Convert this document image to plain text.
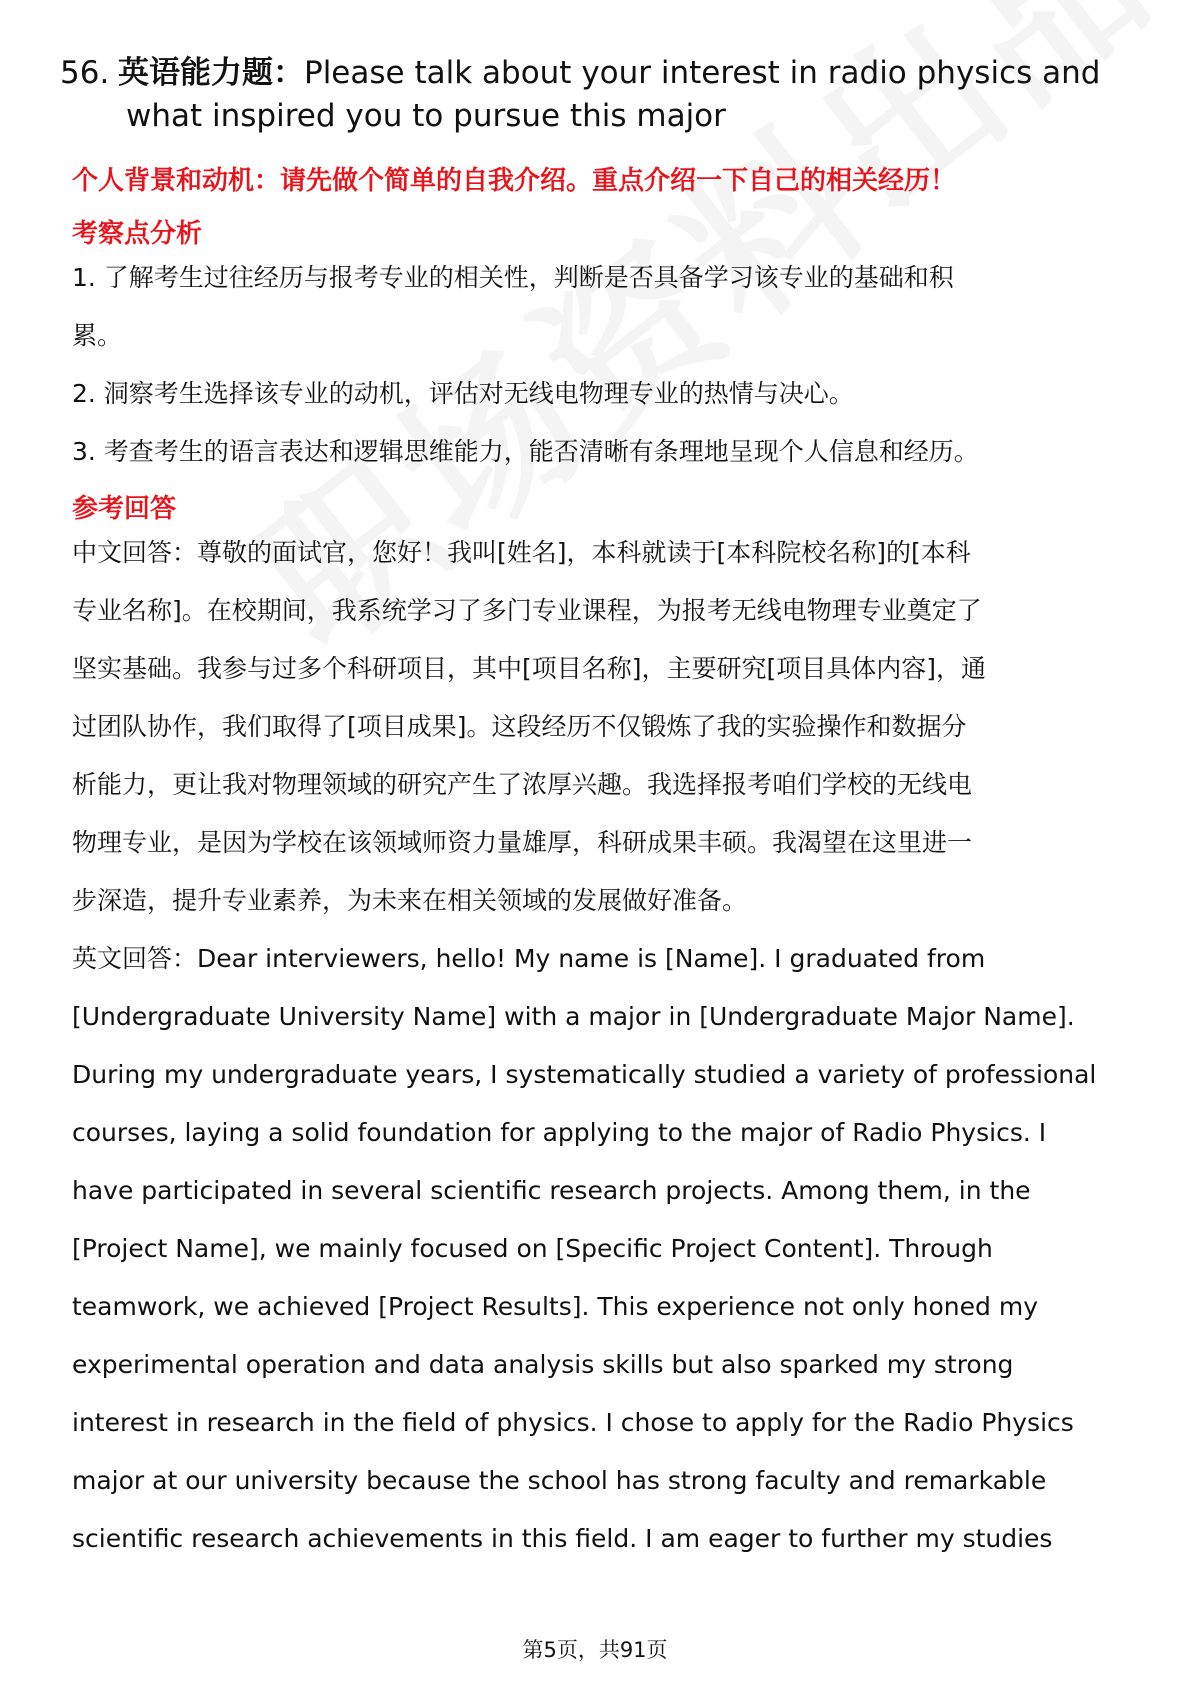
56. 英语能力题：Please talk about your interest in radio physics and
what inspired you to pursue this major
个人背景和动机：请先做个简单的自我介绍。重点介绍一下自己的相关经历！
考察点分析
1. 了解考生过往经历与报考专业的相关性，判断是否具备学习该专业的基础和积
累。
2. 洞察考生选择该专业的动机，评估对无线电物理专业的热情与决心。
3. 考查考生的语言表达和逻辑思维能力，能否清晰有条理地呈现个人信息和经历。
参考回答
中文回答：尊敬的面试官，您好！我叫[姓名]，本科就读于[本科院校名称]的[本科
专业名称]。在校期间，我系统学习了多门专业课程，为报考无线电物理专业奠定了
坚实基础。我参与过多个科研项目，其中[项目名称]，主要研究[项目具体内容]，通
过团队协作，我们取得了[项目成果]。这段经历不仅锻炼了我的实验操作和数据分
析能力，更让我对物理领域的研究产生了浓厚兴趣。我选择报考咱们学校的无线电
物理专业，是因为学校在该领域师资力量雄厚，科研成果丰硕。我渴望在这里进一
步深造，提升专业素养，为未来在相关领域的发展做好准备。
英文回答：Dear interviewers, hello! My name is [Name]. I graduated from
[Undergraduate University Name] with a major in [Undergraduate Major Name].
During my undergraduate years, I systematically studied a variety of professional
courses, laying a solid foundation for applying to the major of Radio Physics. I
have participated in several scientific research projects. Among them, in the
[Project Name], we mainly focused on [Specific Project Content]. Through
teamwork, we achieved [Project Results]. This experience not only honed my
experimental operation and data analysis skills but also sparked my strong
interest in research in the field of physics. I chose to apply for the Radio Physics
major at our university because the school has strong faculty and remarkable
scientific research achievements in this field. I am eager to further my studies
第5页，共91页
